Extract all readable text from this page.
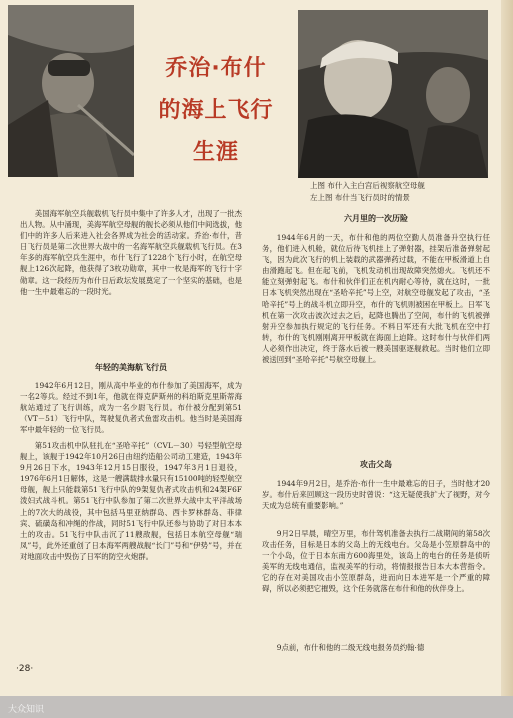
乔治·布什
的海上飞行
生涯
上图 布什入主白宫后视察航空母舰
左上图 布什当飞行员时的情景

美国海军航空兵舰载机飞行员中集中了许多人才，出现了一批杰出人物。从中涌现，美海军航空母舰的舰长必须从他们中间选拔，他们中的许多人后来进入社会各界成为社会的活动家。乔治·布什，昔日飞行员是第二次世界大战中的一名海军航空兵舰载机飞行员。在3年多的海军航空兵生涯中，布什飞行了1228个飞行小时，在航空母舰上126次起降，他获得了3枚功勋章，其中一枚是海军的飞行十字勋章。这一段经历为布什日后政坛发展奠定了一个坚实的基础，也是他一生中最难忘的一段时光。

年轻的美海航飞行员

1942年6月12日，刚从高中毕业的布什参加了美国海军，成为一名2等兵。经过不到1年，他就在得克萨斯州的科珀斯克里斯蒂海航站通过了飞行训练，成为一名少尉飞行员。布什被分配到第51（VT－51）飞行中队，驾驶复仇者式鱼雷攻击机。他当时是美国海军中最年轻的一位飞行员。

第51攻击机中队驻扎在“圣哈辛托”（CVL－30）号轻型航空母舰上，该舰于1942年10月26日由纽约造船公司动工建造，1943年9月26日下水，1943年12月15日服役，1947年3月1日退役，1976年6月1日解体，这是一艘满载排水量只有15100吨的轻型航空母舰，舰上只能载第51飞行中队的9架复仇者式攻击机和24架F6F泼妇式战斗机。第51飞行中队参加了第二次世界大战中太平洋战场上的7次大的战役，其中包括马里亚纳群岛、西卡罗林群岛、菲律宾、硫磺岛和冲绳的作战，同时51飞行中队还参与协助了对日本本土的攻击。51飞行中队击沉了11艘敌舰，包括日本航空母舰“瑞凤”号，此外还重创了日本海军两艘战舰“长门”号和“伊势”号，并在对地面攻击中毁伤了日军的防空火炮群。

六月里的一次历险

1944年6月的一天，布什和他的两位空勤人员准备升空执行任务，他们进入机舱，就位后待飞机挂上了弹射器，挂架后准备弹射起飞，因为此次飞行的机上装载的武器弹药过载，不能在甲板滑道上自由滑跑起飞。但在起飞前，飞机发动机出现故障突然熄火。飞机还不能立刻弹射起飞。布什和伙伴们正在机内耐心等待，就在这时，一批日本飞机突然出现在“圣哈辛托”号上空，对航空母舰发起了攻击，“圣哈辛托”号上的战斗机立即升空，布什的飞机则被困在甲板上。日军飞机在第一次攻击波次过去之后，起降也腾出了空间，布什的飞机被弹射升空参加执行规定的飞行任务。不料日军还有大批飞机在空中打转，布什的飞机刚刚离开甲板就在海面上迫降。这时布什与伙伴们两人必须作出决定，终于落水后被一艘美国驱逐舰救起。当时他们立即被送回到“圣哈辛托”号航空母舰上。

攻击父岛

1944年9月2日，是乔治·布什一生中最难忘的日子，当时他才20岁。布什后来回顾这一段历史时曾说：“这无疑使我扩大了视野，对今天成为总统有重要影响。”

9月2日早晨，晴空万里，布什驾机准备去执行二战期间的第58次攻击任务，目标是日本的父岛上的无线电台。父岛是小笠原群岛中的一个小岛，位于日本东南方600海里处，该岛上的电台的任务是侦听美军的无线电通信，监视美军的行动，将情报报告日本大本营指令。它的存在对美国攻击小笠原群岛，进而向日本进军是一个严重的障碍，所以必须把它摧毁，这个任务就落在布什和他的伙伴身上。

9点前，布什和他的二级无线电报务员约翰·德

·28·
大众知识
